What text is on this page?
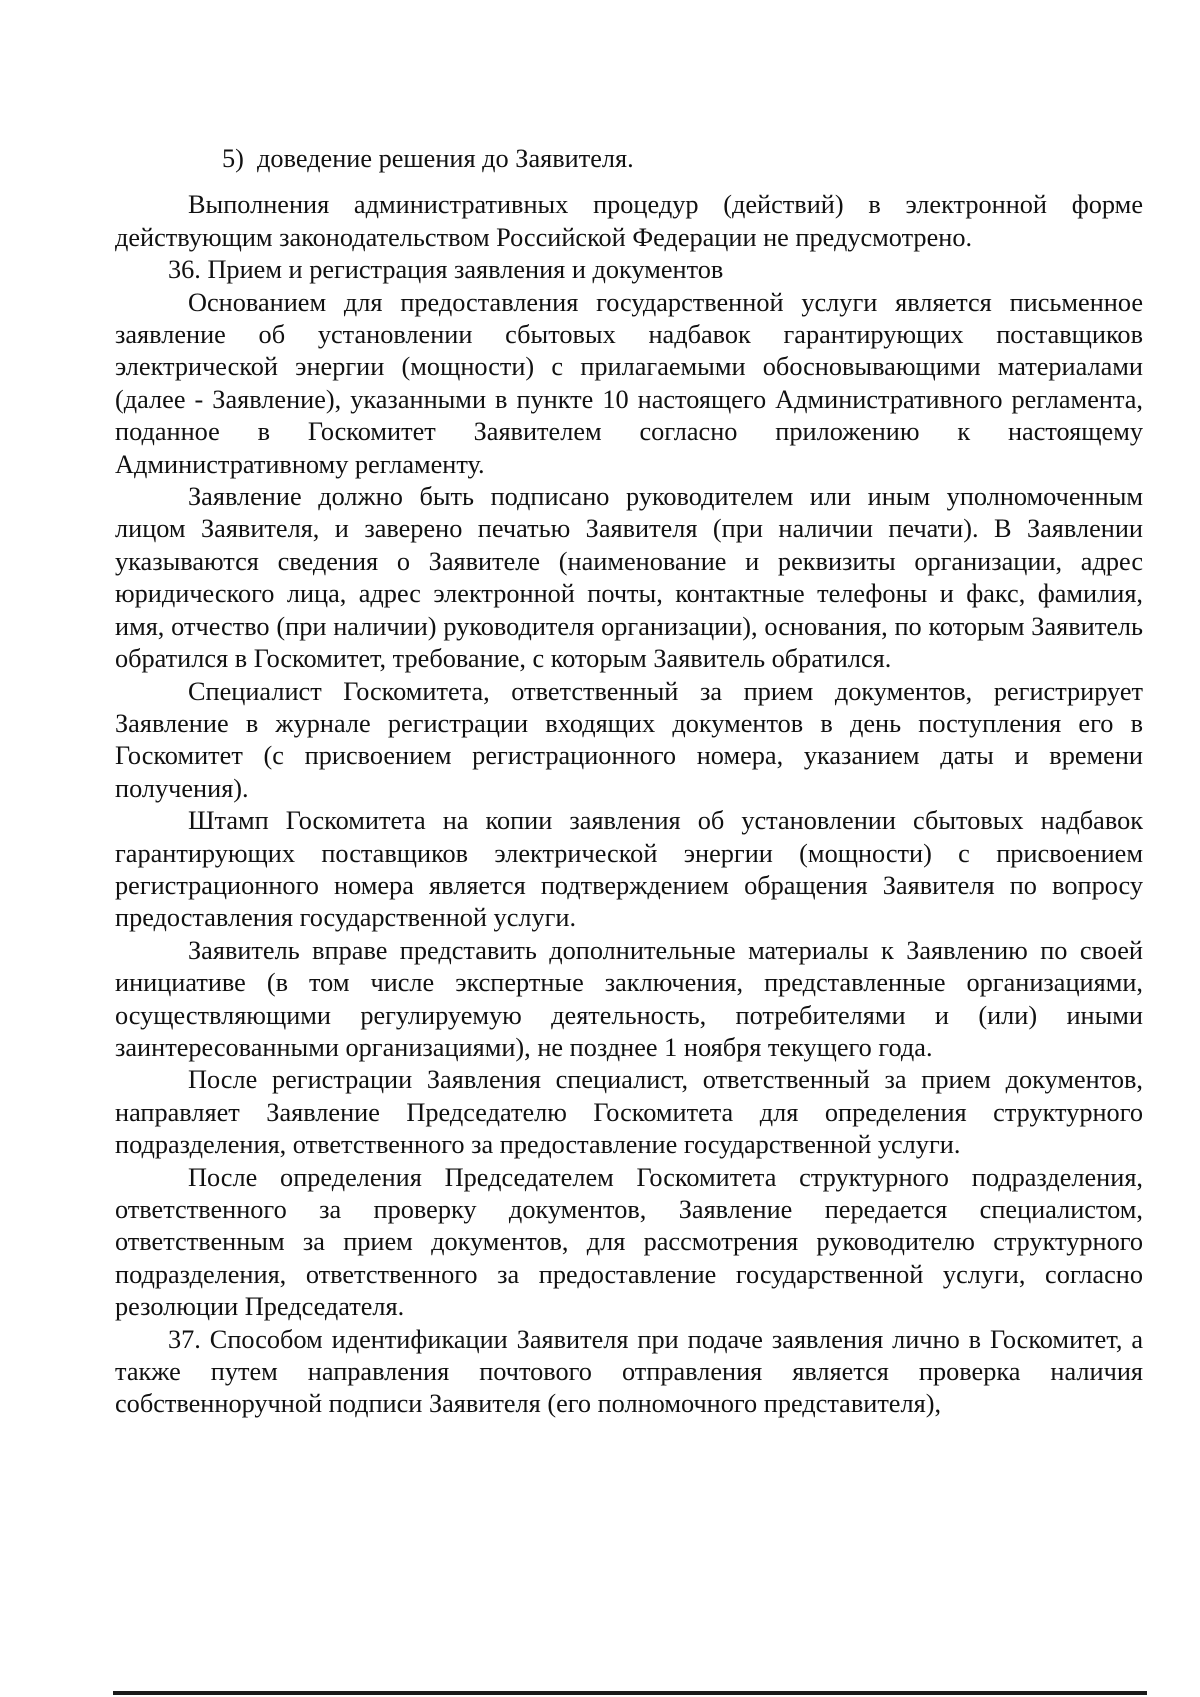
5)  доведение решения до Заявителя.

Выполнения административных процедур (действий) в электронной форме действующим законодательством Российской Федерации не предусмотрено.

36. Прием и регистрация заявления и документов

Основанием для предоставления государственной услуги является письменное заявление об установлении сбытовых надбавок гарантирующих поставщиков электрической энергии (мощности) с прилагаемыми обосновывающими материалами (далее - Заявление), указанными в пункте 10 настоящего Административного регламента, поданное в Госкомитет Заявителем согласно приложению к настоящему Административному регламенту.

Заявление должно быть подписано руководителем или иным уполномоченным лицом Заявителя, и заверено печатью Заявителя (при наличии печати). В Заявлении указываются сведения о Заявителе (наименование и реквизиты организации, адрес юридического лица, адрес электронной почты, контактные телефоны и факс, фамилия, имя, отчество (при наличии) руководителя организации), основания, по которым Заявитель обратился в Госкомитет, требование, с которым Заявитель обратился.

Специалист Госкомитета, ответственный за прием документов, регистрирует Заявление в журнале регистрации входящих документов в день поступления его в Госкомитет (с присвоением регистрационного номера, указанием даты и времени получения).

Штамп Госкомитета на копии заявления об установлении сбытовых надбавок гарантирующих поставщиков электрической энергии (мощности) с присвоением регистрационного номера является подтверждением обращения Заявителя по вопросу предоставления государственной услуги.

Заявитель вправе представить дополнительные материалы к Заявлению по своей инициативе (в том числе экспертные заключения, представленные организациями, осуществляющими регулируемую деятельность, потребителями и (или) иными заинтересованными организациями), не позднее 1 ноября текущего года.

После регистрации Заявления специалист, ответственный за прием документов, направляет Заявление Председателю Госкомитета для определения структурного подразделения, ответственного за предоставление государственной услуги.

После определения Председателем Госкомитета структурного подразделения, ответственного за проверку документов, Заявление передается специалистом, ответственным за прием документов, для рассмотрения руководителю структурного подразделения, ответственного за предоставление государственной услуги, согласно резолюции Председателя.

37. Способом идентификации Заявителя при подаче заявления лично в Госкомитет, а также путем направления почтового отправления является проверка наличия собственноручной подписи Заявителя (его полномочного представителя),
